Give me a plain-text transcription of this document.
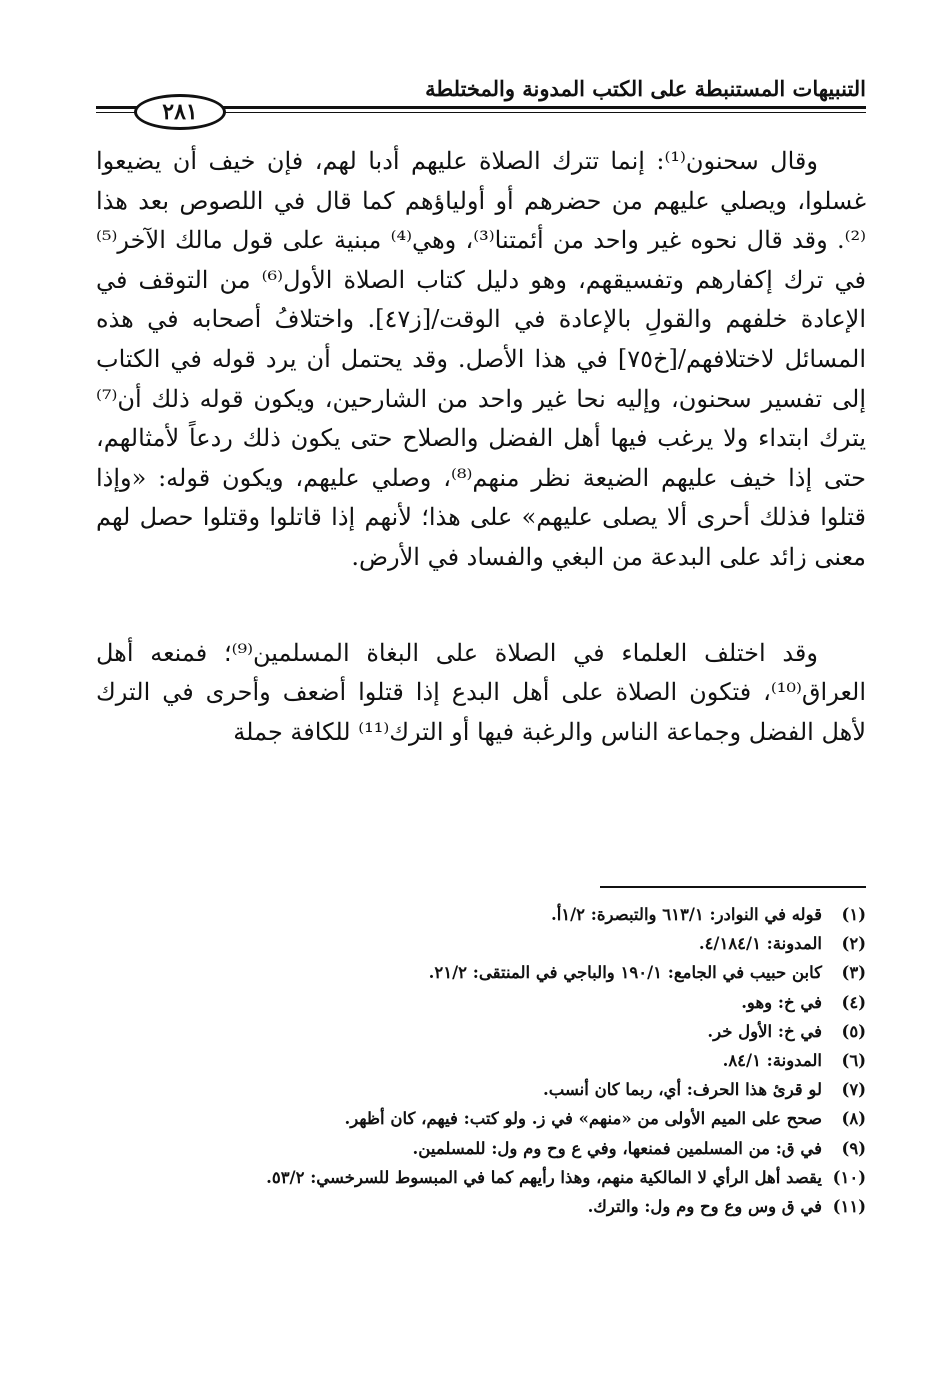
التنبيهات المستنبطة على الكتب المدونة والمختلطة
٢٨١

وقال سحنون⁽¹⁾: إنما تترك الصلاة عليهم أدبا لهم، فإن خيف أن يضيعوا غسلوا، ويصلي عليهم من حضرهم أو أولياؤهم كما قال في اللصوص بعد هذا ⁽²⁾. وقد قال نحوه غير واحد من أئمتنا⁽³⁾، وهي⁽⁴⁾ مبنية على قول مالك الآخر⁽⁵⁾ في ترك إكفارهم وتفسيقهم، وهو دليل كتاب الصلاة الأول⁽⁶⁾ من التوقف في الإعادة خلفهم والقولِ بالإعادة في الوقت/[ز٤٧]. واختلافُ أصحابه في هذه المسائل لاختلافهم/[خ٧٥] في هذا الأصل. وقد يحتمل أن يرد قوله في الكتاب إلى تفسير سحنون، وإليه نحا غير واحد من الشارحين، ويكون قوله ذلك أن⁽⁷⁾ يترك ابتداء ولا يرغب فيها أهل الفضل والصلاح حتى يكون ذلك ردعاً لأمثالهم، حتى إذا خيف عليهم الضيعة نظر منهم⁽⁸⁾، وصلي عليهم، ويكون قوله: «وإذا قتلوا فذلك أحرى ألا يصلى عليهم» على هذا؛ لأنهم إذا قاتلوا وقتلوا حصل لهم معنى زائد على البدعة من البغي والفساد في الأرض.

وقد اختلف العلماء في الصلاة على البغاة المسلمين⁽⁹⁾؛ فمنعه أهل العراق⁽¹⁰⁾، فتكون الصلاة على أهل البدع إذا قتلوا أضعف وأحرى في الترك لأهل الفضل وجماعة الناس والرغبة فيها أو الترك⁽¹¹⁾ للكافة جملة

(١)
قوله في النوادر: ٦١٣/١ والتبصرة: ١/٢أ.
(٢)
المدونة: ٤/١٨٤/١.
(٣)
كابن حبيب في الجامع: ١٩٠/١ والباجي في المنتقى: ٢١/٢.
(٤)
في خ: وهو.
(٥)
في خ: الأول خر.
(٦)
المدونة: ٨٤/١.
(٧)
لو قرئ هذا الحرف: أي، ربما كان أنسب.
(٨)
صحح على الميم الأولى من «منهم» في ز. ولو كتب: فيهم، كان أظهر.
(٩)
في ق: من المسلمين فمنعها، وفي ع وح وم ول: للمسلمين.
(١٠)
يقصد أهل الرأي لا المالكية منهم، وهذا رأيهم كما في المبسوط للسرخسي: ٥٣/٢.
(١١)
في ق وس وع وح وم ول: والترك.
